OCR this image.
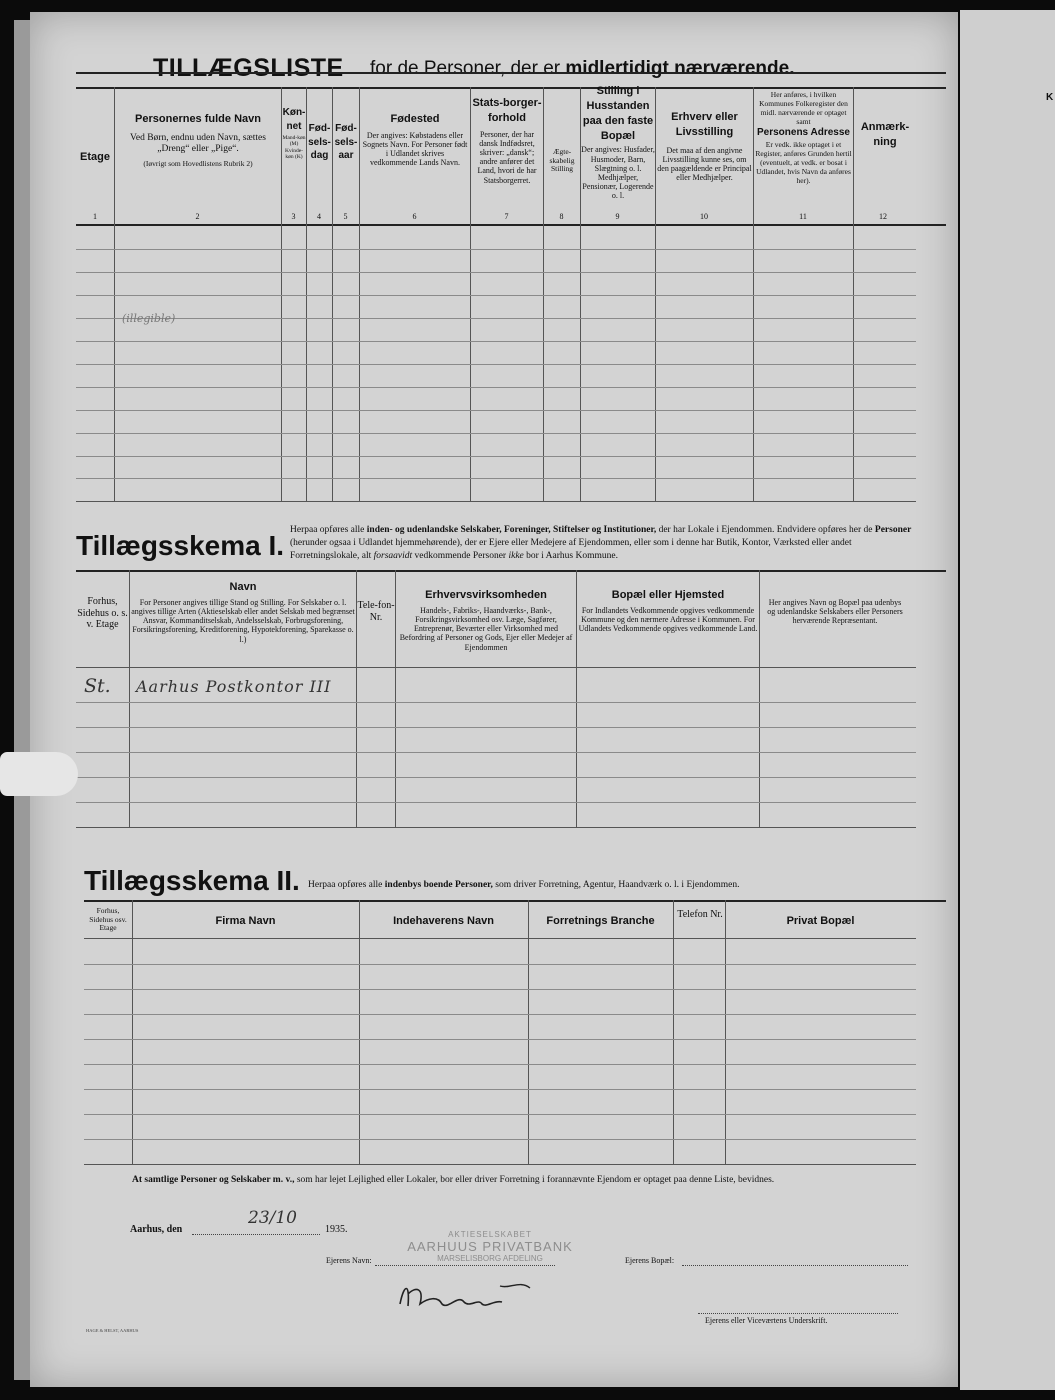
K
TILLÆGSLISTE for de Personer, der er midlertidigt nærværende.
Etage
Personernes fulde Navn
Ved Børn, endnu uden Navn, sættes „Dreng“ eller „Pige“.
(Iøvrigt som Hovedlistens Rubrik 2)
Køn-net
Mand-køn (M) Kvinde-køn (K)
Fød-sels-dag
Fød-sels-aar
Fødested
Der angives: Købstadens eller Sognets Navn. For Personer født i Udlandet skrives vedkommende Lands Navn.
Stats-borger-forhold
Personer, der har dansk Indfødsret, skriver: „dansk“; andre anfører det Land, hvori de har Statsborgerret.
Ægte-skabelig Stilling
Stilling i Husstanden paa den faste Bopæl
Der angives: Husfader, Husmoder, Barn, Slægtning o. l. Medhjælper, Pensionær, Logerende o. l.
Erhverv eller Livsstilling
Det maa af den angivne Livsstilling kunne ses, om den paagældende er Principal eller Medhjælper.
Her anføres, i hvilken Kommunes Folkeregister den midl. nærværende er optaget samt
Personens Adresse
Er vedk. ikke optaget i et Register, anføres Grunden hertil (eventuelt, at vedk. er bosat i Udlandet, hvis Navn da anføres her).
Anmærk-ning
1	2	3	4	5	6	7	8	9	10	11	12
(illegible)
Tillægsskema I. Herpaa opføres alle inden- og udenlandske Selskaber, Foreninger, Stiftelser og Institutioner, der har Lokale i Ejendommen. Endvidere opføres her de Personer (herunder ogsaa i Udlandet hjemmehørende), der er Ejere eller Medejere af Ejendommen, eller som i denne har Butik, Kontor, Værksted eller andet Forretningslokale, alt forsaavidt vedkommende Personer ikke bor i Aarhus Kommune.
Forhus, Sidehus o. s. v. Etage
Navn
For Personer angives tillige Stand og Stilling. For Selskaber o. l. angives tillige Arten (Aktieselskab eller andet Selskab med begrænset Ansvar, Kommanditselskab, Andelsselskab, Forbrugsforening, Forsikringsforening, Kreditforening, Hypotekforening, Sparekasse o. l.)
Tele-fon-Nr.
Erhvervsvirksomheden
Handels-, Fabriks-, Haandværks-, Bank-, Forsikringsvirksomhed osv. Læge, Sagfører, Entreprenør, Beværter eller Virksomhed med Befordring af Personer og Gods, Ejer eller Medejer af Ejendommen
Bopæl eller Hjemsted
For Indlandets Vedkommende opgives vedkommende Kommune og den nærmere Adresse i Kommunen. For Udlandets Vedkommende opgives vedkommende Land.
Her angives Navn og Bopæl paa udenbys og udenlandske Selskabers eller Personers herværende Repræsentant.
St. Aarhus Postkontor III
Tillægsskema II. Herpaa opføres alle indenbys boende Personer, som driver Forretning, Agentur, Haandværk o. l. i Ejendommen.
Forhus, Sidehus osv. Etage
Firma Navn	Indehaverens Navn	Forretnings Branche
Telefon Nr.
Privat Bopæl
At samtlige Personer og Selskaber m. v., som har lejet Lejlighed eller Lokaler, bor eller driver Forretning i forannævnte Ejendom er optaget paa denne Liste, bevidnes.
Aarhus, den
23/10
1935.	AKTIESELSKABET
AARHUUS PRIVATBANK
MARSELISBORG AFDELING
Ejerens Navn:	Ejerens Bopæl:
Ejerens eller Viceværtens Underskrift.
HAGE & HELST, AARHUS
